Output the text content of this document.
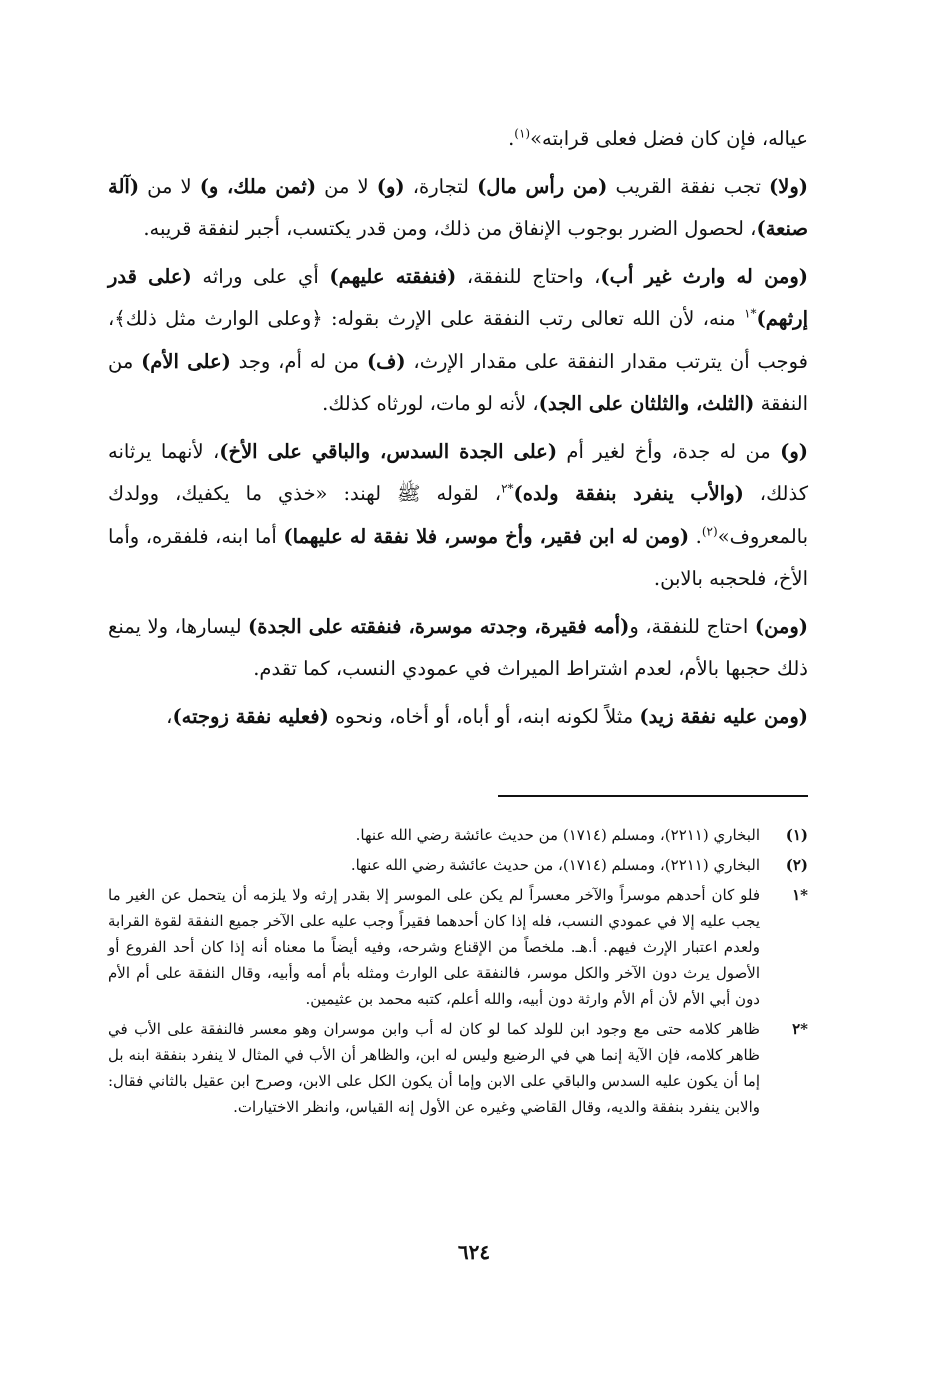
عياله، فإن كان فضل فعلى قرابته»$^{(١)}$.

(ولا) تجب نفقة القريب (من رأس مال) لتجارة، (و) لا من (ثمن ملك، و) لا من (آلة صنعة)، لحصول الضرر بوجوب الإنفاق من ذلك، ومن قدر يكتسب، أجبر لنفقة قريبه.

(ومن له وارث غير أب)، واحتاج للنفقة، (فنفقته عليهم) أي على وراثه (على قدر إرثهم)$^{*١}$ منه، لأن الله تعالى رتب النفقة على الإرث بقوله: ﴿وعلى الوارث مثل ذلك﴾، فوجب أن يترتب مقدار النفقة على مقدار الإرث، (ف) من له أم، وجد (على الأم) من النفقة (الثلث، والثلثان على الجد)، لأنه لو مات، لورثاه كذلك.

(و) من له جدة، وأخ لغير أم (على الجدة السدس، والباقي على الأخ)، لأنهما يرثانه كذلك، (والأب ينفرد بنفقة ولده)$^{*٢}$، لقوله ﷺ لهند: «خذي ما يكفيك، وولدك بالمعروف»$^{(٢)}$. (ومن له ابن فقير، وأخ موسر، فلا نفقة له عليهما) أما ابنه، فلفقره، وأما الأخ، فلحجبه بالابن.

(ومن) احتاج للنفقة، و(أمه فقيرة، وجدته موسرة، فنفقته على الجدة) ليسارها، ولا يمنع ذلك حجبها بالأم، لعدم اشتراط الميراث في عمودي النسب، كما تقدم.

(ومن عليه نفقة زيد) مثلاً لكونه ابنه، أو أباه، أو أخاه، ونحوه (فعليه نفقة زوجته)،

(١)
البخاري (٢٢١١)، ومسلم (١٧١٤) من حديث عائشة رضي الله عنها.
(٢)
البخاري (٢٢١١)، ومسلم (١٧١٤)، من حديث عائشة رضي الله عنها.
*١
فلو كان أحدهم موسراً والآخر معسراً لم يكن على الموسر إلا بقدر إرثه ولا يلزمه أن يتحمل عن الغير ما يجب عليه إلا في عمودي النسب، فله إذا كان أحدهما فقيراً وجب عليه على الآخر جميع النفقة لقوة القرابة ولعدم اعتبار الإرث فيهم. أ.هـ. ملخصاً من الإقناع وشرحه، وفيه أيضاً ما معناه أنه إذا كان أحد الفروع أو الأصول يرث دون الآخر والكل موسر، فالنفقة على الوارث ومثله بأم أمه وأبيه، وقال النفقة على أم الأم دون أبي الأم لأن أم الأم وارثة دون أبيه، والله أعلم، كتبه محمد بن عثيمين.
*٢
ظاهر كلامه حتى مع وجود ابن للولد كما لو كان له أب وابن موسران وهو معسر فالنفقة على الأب في ظاهر كلامه، فإن الآية إنما هي في الرضيع وليس له ابن، والظاهر أن الأب في المثال لا ينفرد بنفقة ابنه بل إما أن يكون عليه السدس والباقي على الابن وإما أن يكون الكل على الابن، وصرح ابن عقيل بالثاني فقال: والابن ينفرد بنفقة والديه، وقال القاضي وغيره عن الأول إنه القياس، وانظر الاختيارات.
٦٢٤
